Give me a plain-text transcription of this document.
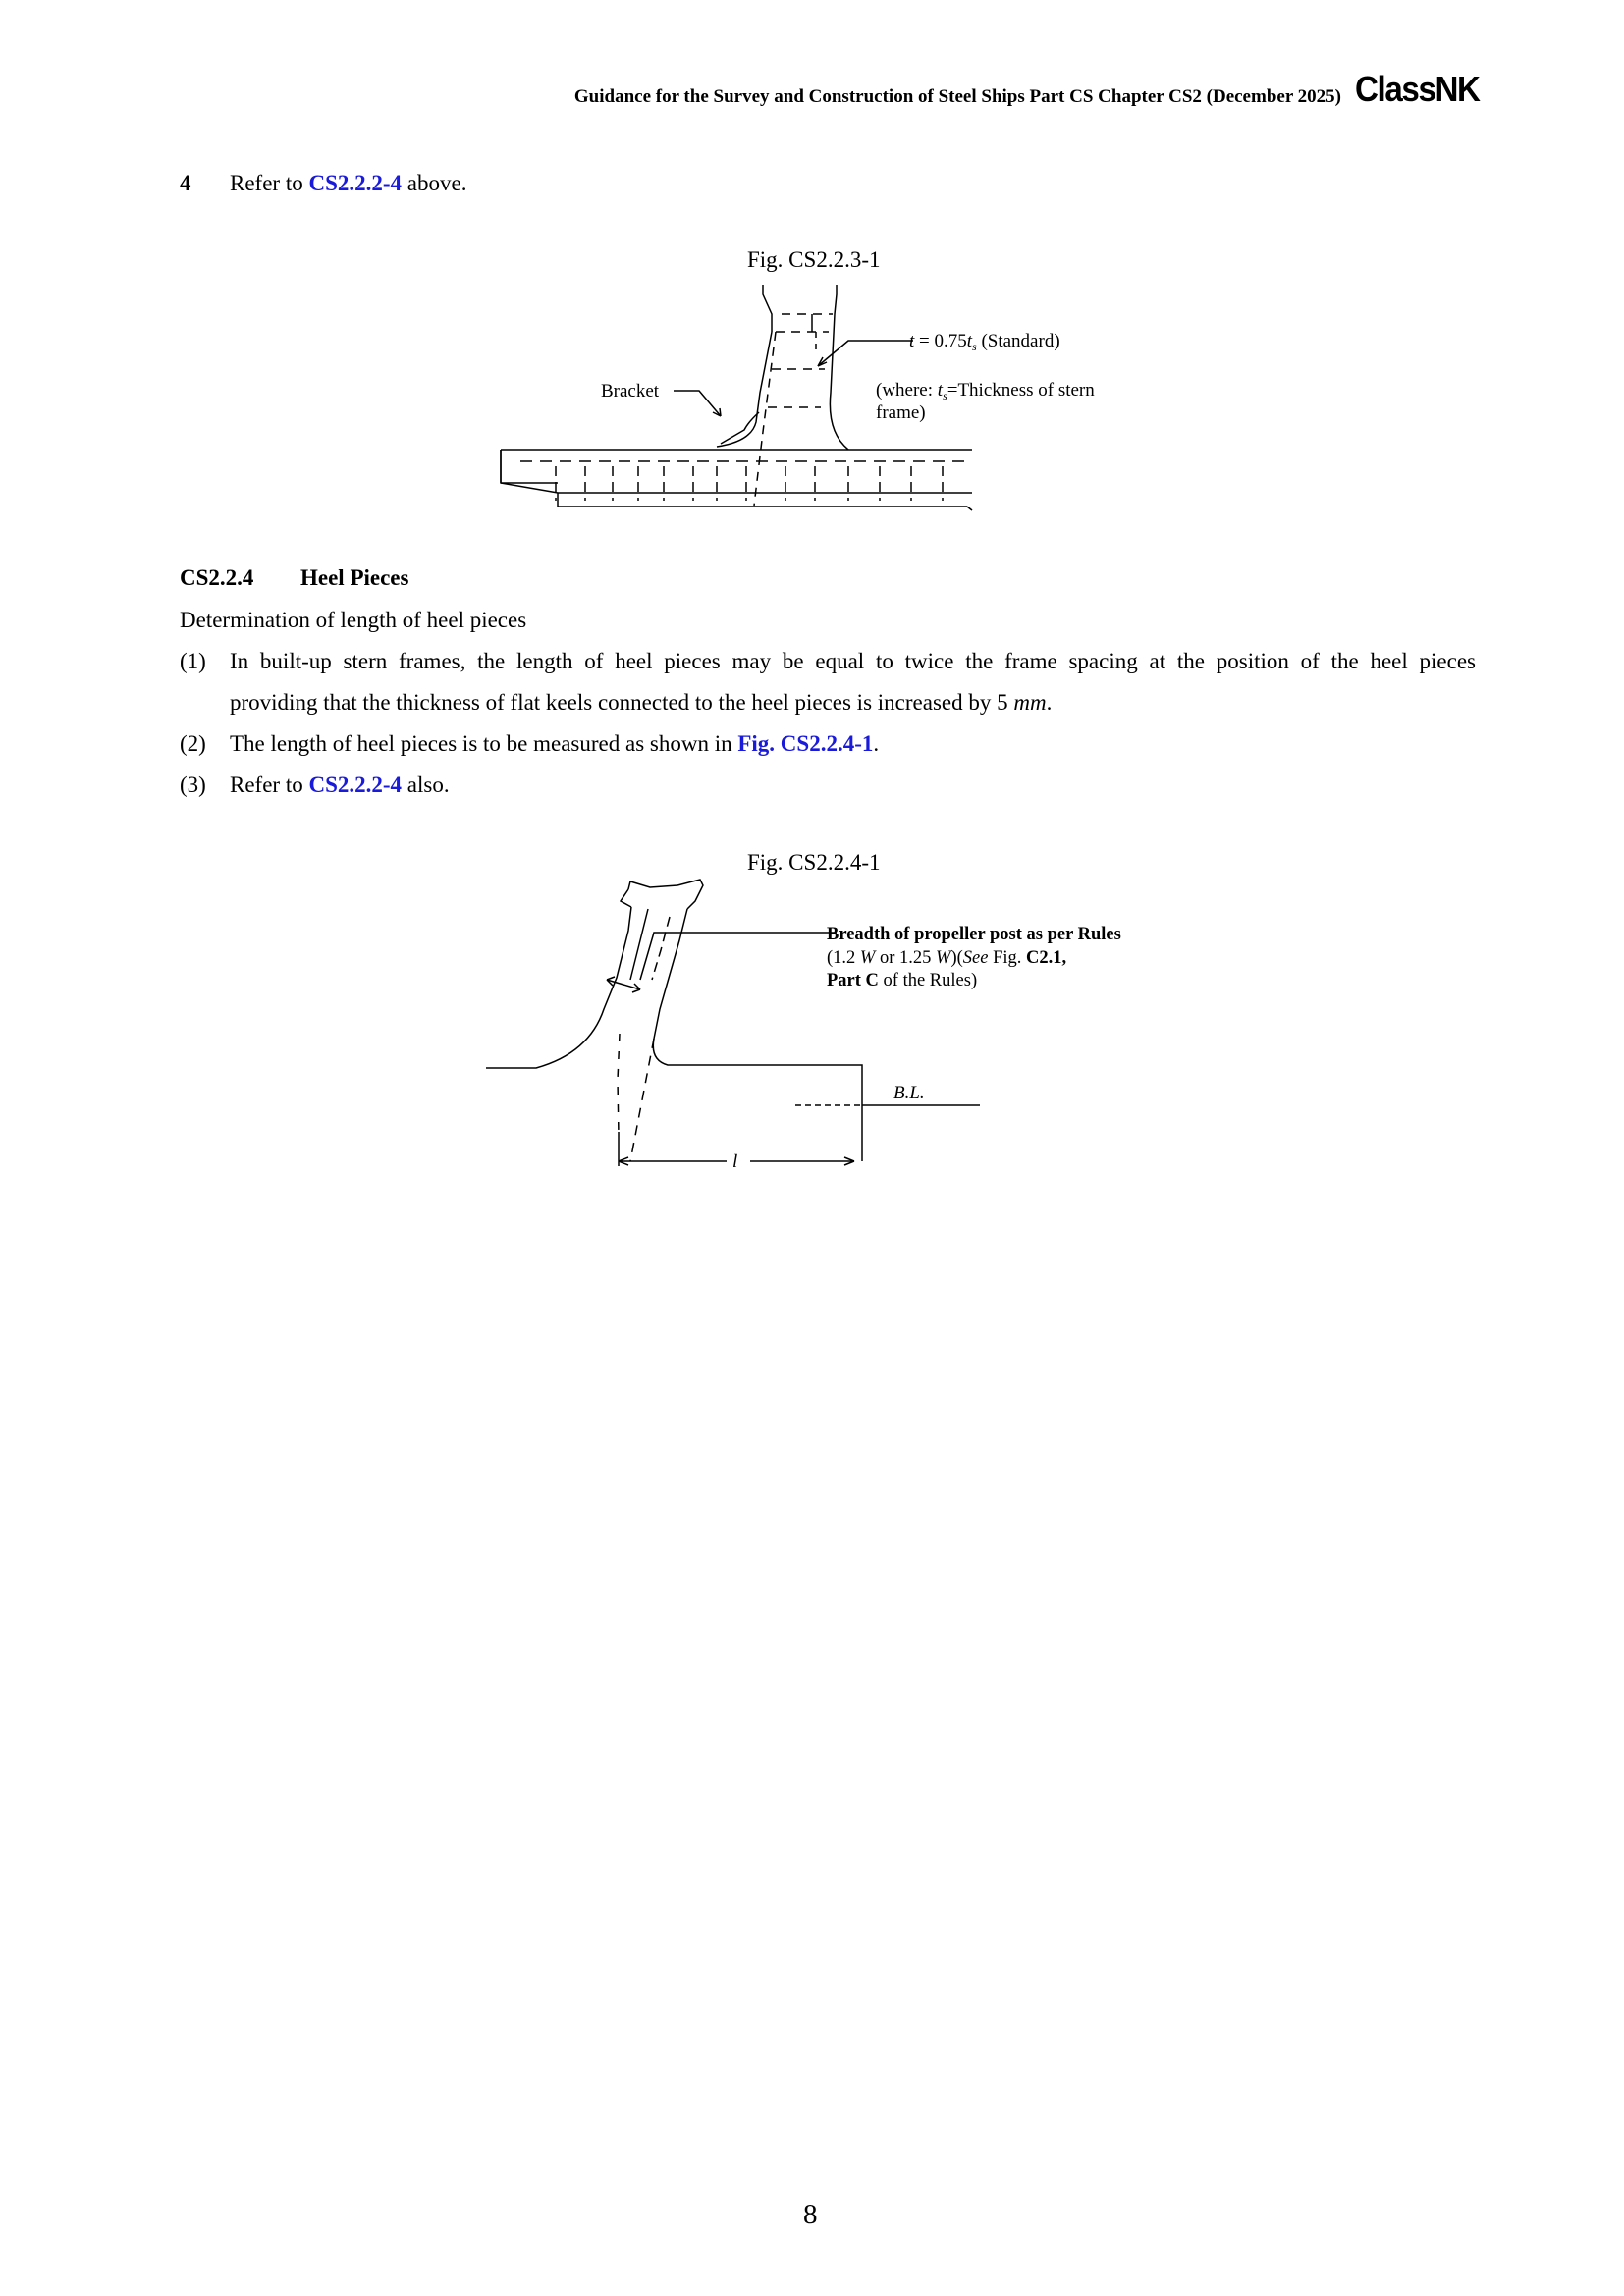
Guidance for the Survey and Construction of Steel Ships Part CS Chapter CS2 (December 2025) ClassNK
4 Refer to CS2.2.2-4 above.
Fig. CS2.2.3-1
Bracket
$t = 0.75t_s$ (Standard)
(where: $t_s=Thickness$ of stern
frame)
CS2.2.4 Heel Pieces
Determination of length of heel pieces
(1) In built-up stern frames, the length of heel pieces may be equal to twice the frame spacing at the position of the heel pieces
providing that the thickness of flat keels connected to the heel pieces is increased by 5 mm.
(2) The length of heel pieces is to be measured as shown in Fig. CS2.2.4-1.
(3) Refer to CS2.2.2-4 also.
Fig. CS2.2.4-1
Breadth of propeller post as per Rules
(1.2 W or 1.25 W)(See Fig. C2.1,
Part C of the Rules)
B.L.
l
8
